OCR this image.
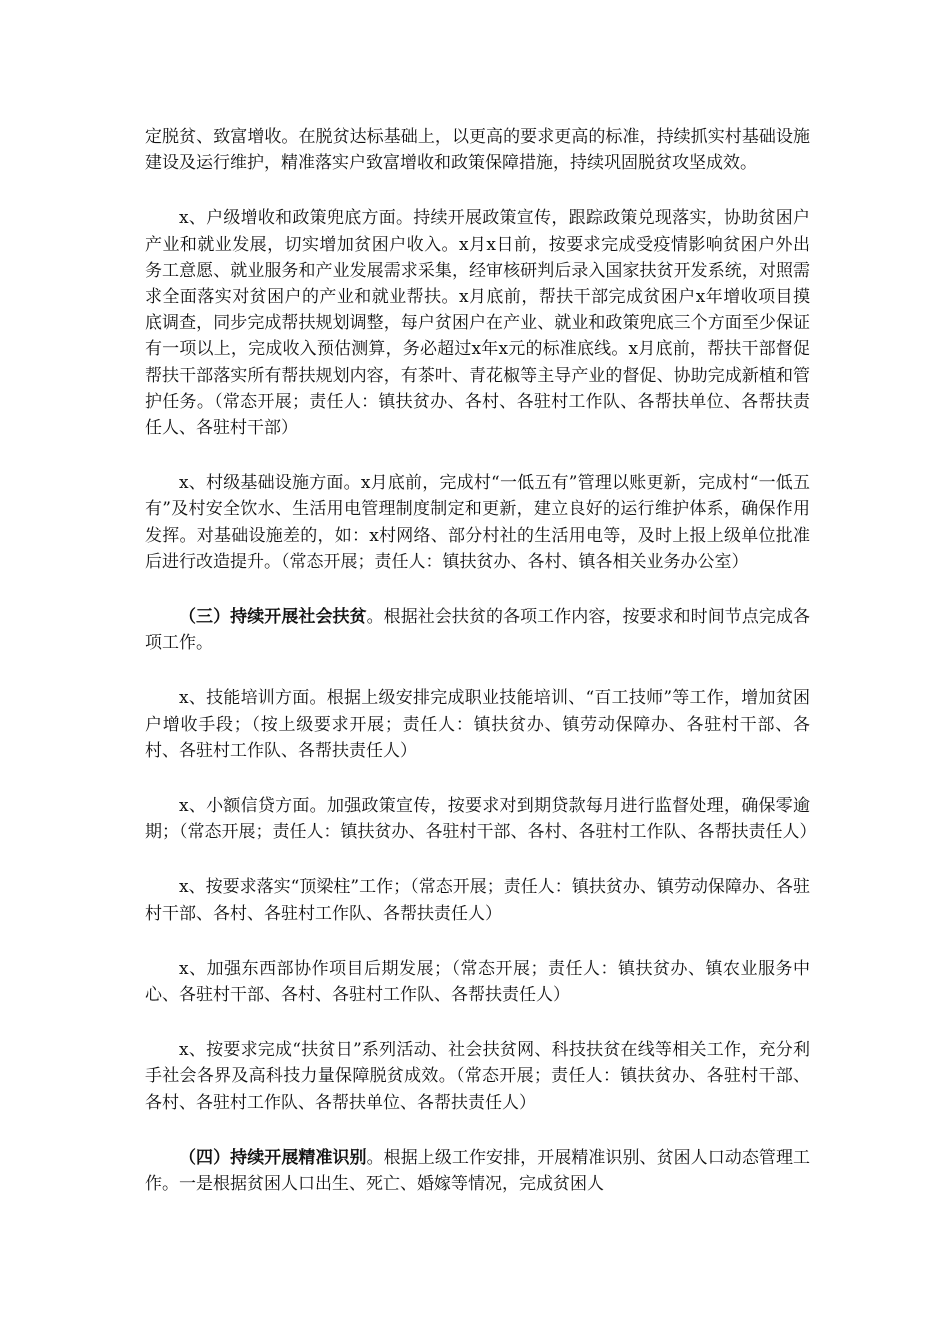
定脱贫、致富增收。在脱贫达标基础上，以更高的要求更高的标准，持续抓实村基础设施建设及运行维护，精准落实户致富增收和政策保障措施，持续巩固脱贫攻坚成效。

x、户级增收和政策兜底方面。持续开展政策宣传，跟踪政策兑现落实，协助贫困户产业和就业发展，切实增加贫困户收入。x月x日前，按要求完成受疫情影响贫困户外出务工意愿、就业服务和产业发展需求采集，经审核研判后录入国家扶贫开发系统，对照需求全面落实对贫困户的产业和就业帮扶。x月底前，帮扶干部完成贫困户x年增收项目摸底调查，同步完成帮扶规划调整，每户贫困户在产业、就业和政策兜底三个方面至少保证有一项以上，完成收入预估测算，务必超过x年x元的标准底线。x月底前，帮扶干部督促帮扶干部落实所有帮扶规划内容，有茶叶、青花椒等主导产业的督促、协助完成新植和管护任务。（常态开展；责任人：镇扶贫办、各村、各驻村工作队、各帮扶单位、各帮扶责任人、各驻村干部）

x、村级基础设施方面。x月底前，完成村“一低五有”管理以账更新，完成村“一低五有”及村安全饮水、生活用电管理制度制定和更新，建立良好的运行维护体系，确保作用发挥。对基础设施差的，如：x村网络、部分村社的生活用电等，及时上报上级单位批准后进行改造提升。（常态开展；责任人：镇扶贫办、各村、镇各相关业务办公室）

（三）持续开展社会扶贫。根据社会扶贫的各项工作内容，按要求和时间节点完成各项工作。

x、技能培训方面。根据上级安排完成职业技能培训、“百工技师”等工作，增加贫困户增收手段；（按上级要求开展；责任人：镇扶贫办、镇劳动保障办、各驻村干部、各村、各驻村工作队、各帮扶责任人）

x、小额信贷方面。加强政策宣传，按要求对到期贷款每月进行监督处理，确保零逾期；（常态开展；责任人：镇扶贫办、各驻村干部、各村、各驻村工作队、各帮扶责任人）

x、按要求落实“顶梁柱”工作；（常态开展；责任人：镇扶贫办、镇劳动保障办、各驻村干部、各村、各驻村工作队、各帮扶责任人）

x、加强东西部协作项目后期发展；（常态开展；责任人：镇扶贫办、镇农业服务中心、各驻村干部、各村、各驻村工作队、各帮扶责任人）

x、按要求完成“扶贫日”系列活动、社会扶贫网、科技扶贫在线等相关工作，充分利手社会各界及高科技力量保障脱贫成效。（常态开展；责任人：镇扶贫办、各驻村干部、各村、各驻村工作队、各帮扶单位、各帮扶责任人）

（四）持续开展精准识别。根据上级工作安排，开展精准识别、贫困人口动态管理工作。一是根据贫困人口出生、死亡、婚嫁等情况，完成贫困人
